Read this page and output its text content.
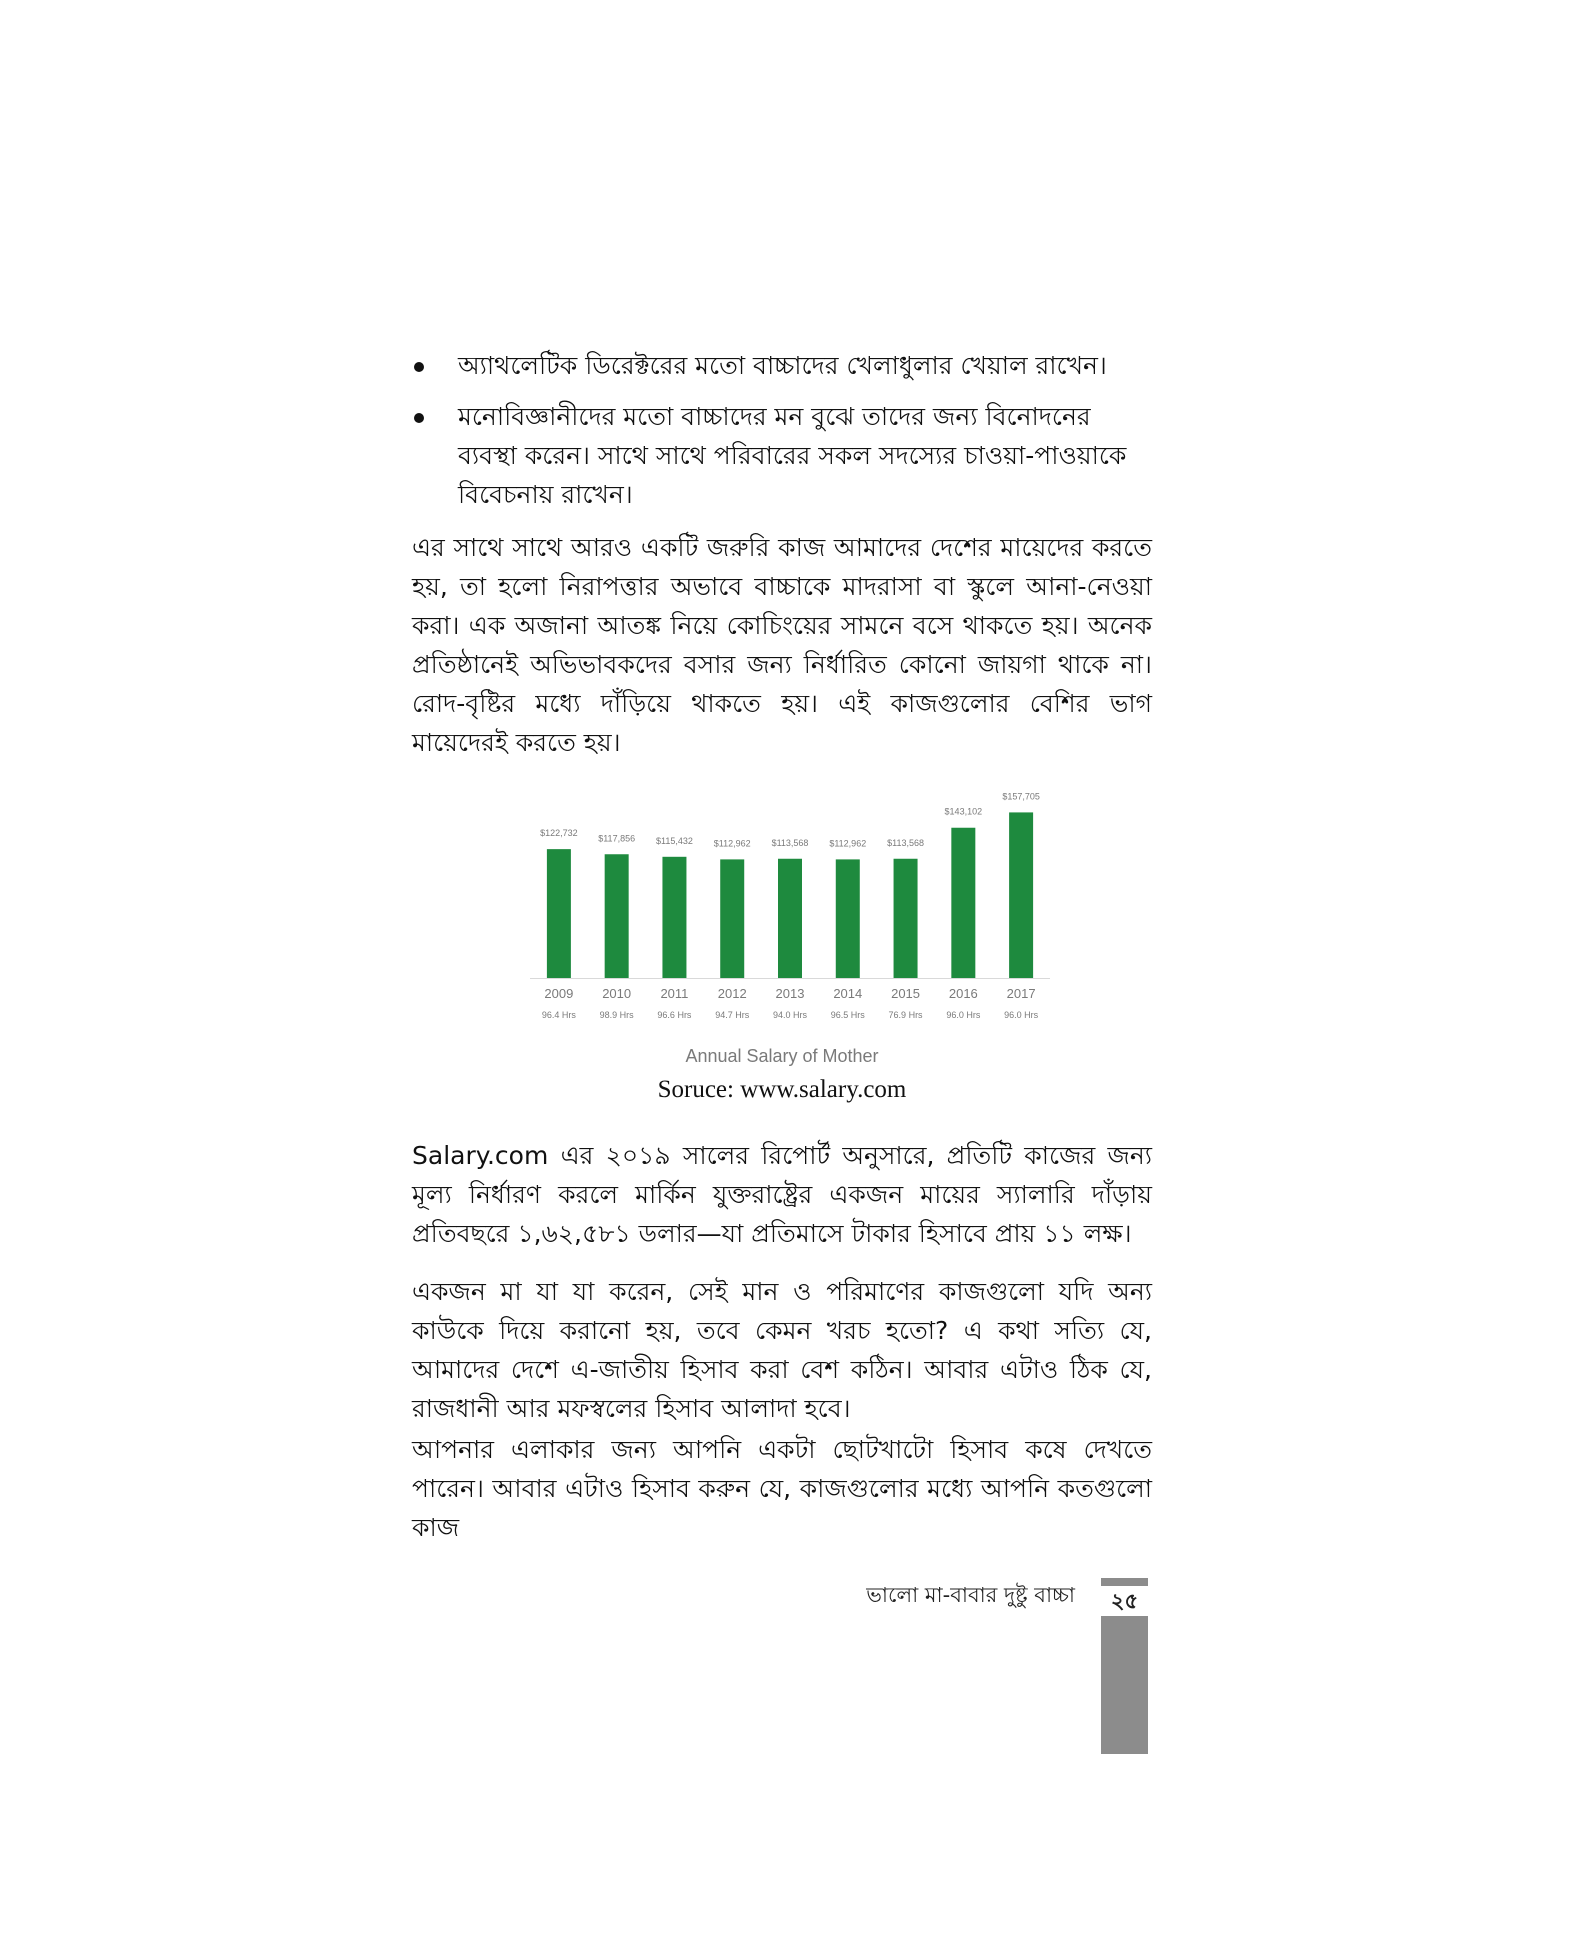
অ্যাথলেটিক ডিরেক্টরের মতো বাচ্চাদের খেলাধুলার খেয়াল রাখেন।
মনোবিজ্ঞানীদের মতো বাচ্চাদের মন বুঝে তাদের জন্য বিনোদনের ব্যবস্থা করেন। সাথে সাথে পরিবারের সকল সদস্যের চাওয়া-পাওয়াকে বিবেচনায় রাখেন।

এর সাথে সাথে আরও একটি জরুরি কাজ আমাদের দেশের মায়েদের করতে হয়, তা হলো নিরাপত্তার অভাবে বাচ্চাকে মাদরাসা বা স্কুলে আনা-নেওয়া করা। এক অজানা আতঙ্ক নিয়ে কোচিংয়ের সামনে বসে থাকতে হয়। অনেক প্রতিষ্ঠানেই অভিভাবকদের বসার জন্য নির্ধারিত কোনো জায়গা থাকে না। রোদ-বৃষ্টির মধ্যে দাঁড়িয়ে থাকতে হয়। এই কাজগুলোর বেশির ভাগ মায়েদেরই করতে হয়।

$122,732
2009
96.4 Hrs
$117,856
2010
98.9 Hrs
$115,432
2011
96.6 Hrs
$112,962
2012
94.7 Hrs
$113,568
2013
94.0 Hrs
$112,962
2014
96.5 Hrs
$113,568
2015
76.9 Hrs
$143,102
2016
96.0 Hrs
$157,705
2017
96.0 Hrs

Annual Salary of Mother

Soruce: www.salary.com

Salary.com এর ২০১৯ সালের রিপোর্ট অনুসারে, প্রতিটি কাজের জন্য মূল্য নির্ধারণ করলে মার্কিন যুক্তরাষ্ট্রের একজন মায়ের স্যালারি দাঁড়ায় প্রতিবছরে ১,৬২,৫৮১ ডলার—যা প্রতিমাসে টাকার হিসাবে প্রায় ১১ লক্ষ।

একজন মা যা যা করেন, সেই মান ও পরিমাণের কাজগুলো যদি অন্য কাউকে দিয়ে করানো হয়, তবে কেমন খরচ হতো? এ কথা সত্যি যে, আমাদের দেশে এ-জাতীয় হিসাব করা বেশ কঠিন। আবার এটাও ঠিক যে, রাজধানী আর মফস্বলের হিসাব আলাদা হবে।

আপনার এলাকার জন্য আপনি একটা ছোটখাটো হিসাব কষে দেখতে পারেন। আবার এটাও হিসাব করুন যে, কাজগুলোর মধ্যে আপনি কতগুলো কাজ

ভালো মা-বাবার দুষ্টু বাচ্চা	২৫
